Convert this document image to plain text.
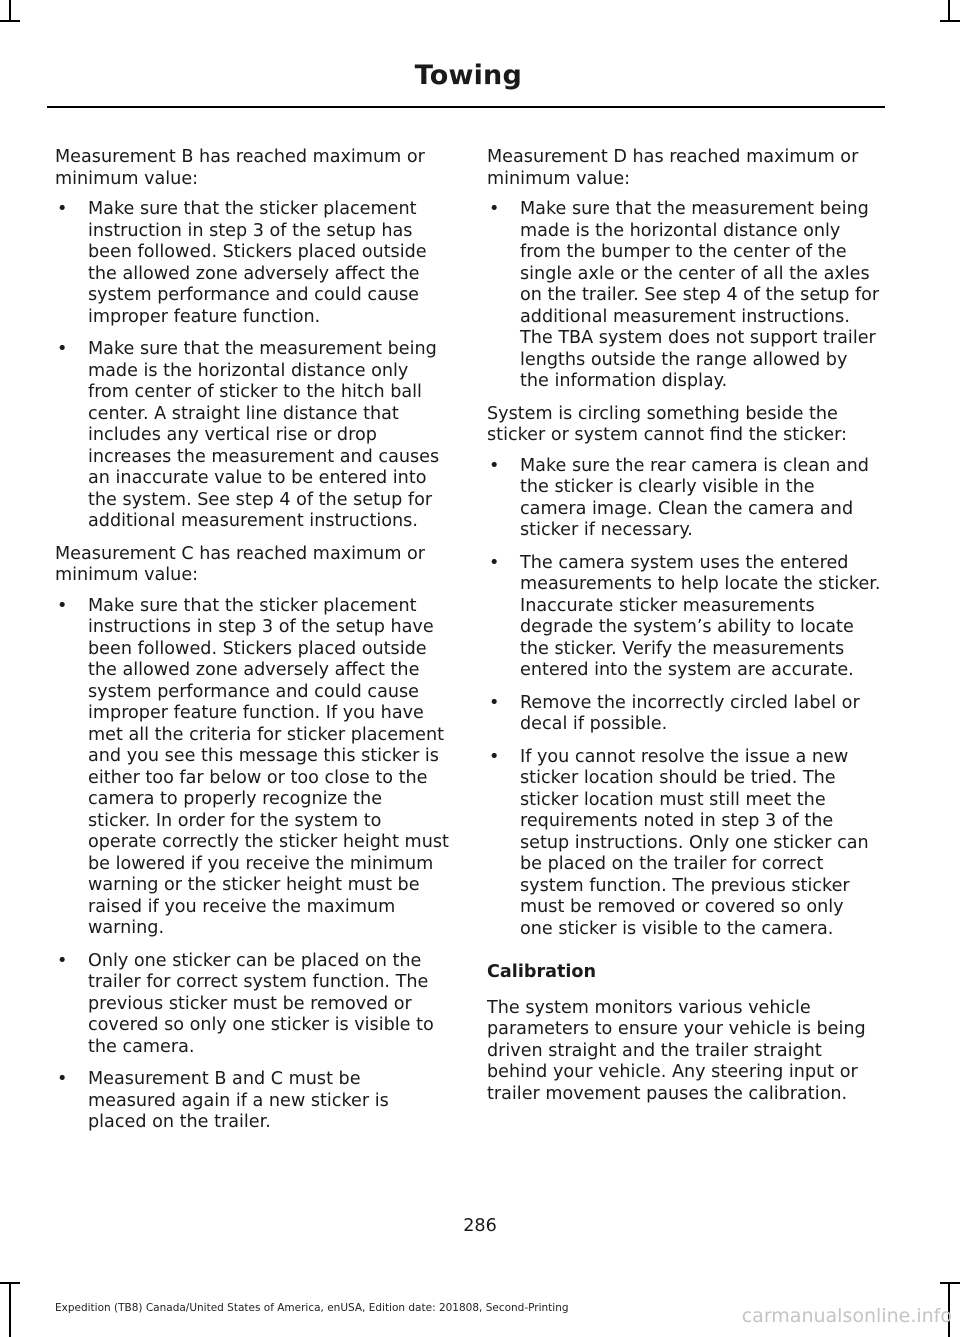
Towing

Measurement B has reached maximum or minimum value:

• Make sure that the sticker placement instruction in step 3 of the setup has been followed. Stickers placed outside the allowed zone adversely affect the system performance and could cause improper feature function.
• Make sure that the measurement being made is the horizontal distance only from center of sticker to the hitch ball center. A straight line distance that includes any vertical rise or drop increases the measurement and causes an inaccurate value to be entered into the system. See step 4 of the setup for additional measurement instructions.

Measurement C has reached maximum or minimum value:

• Make sure that the sticker placement instructions in step 3 of the setup have been followed. Stickers placed outside the allowed zone adversely affect the system performance and could cause improper feature function. If you have met all the criteria for sticker placement and you see this message this sticker is either too far below or too close to the camera to properly recognize the sticker. In order for the system to operate correctly the sticker height must be lowered if you receive the minimum warning or the sticker height must be raised if you receive the maximum warning.
• Only one sticker can be placed on the trailer for correct system function. The previous sticker must be removed or covered so only one sticker is visible to the camera.
• Measurement B and C must be measured again if a new sticker is placed on the trailer.

Measurement D has reached maximum or minimum value:

• Make sure that the measurement being made is the horizontal distance only from the bumper to the center of the single axle or the center of all the axles on the trailer. See step 4 of the setup for additional measurement instructions. The TBA system does not support trailer lengths outside the range allowed by the information display.

System is circling something beside the sticker or system cannot find the sticker:

• Make sure the rear camera is clean and the sticker is clearly visible in the camera image. Clean the camera and sticker if necessary.
• The camera system uses the entered measurements to help locate the sticker. Inaccurate sticker measurements degrade the system’s ability to locate the sticker. Verify the measurements entered into the system are accurate.
• Remove the incorrectly circled label or decal if possible.
• If you cannot resolve the issue a new sticker location should be tried. The sticker location must still meet the requirements noted in step 3 of the setup instructions. Only one sticker can be placed on the trailer for correct system function. The previous sticker must be removed or covered so only one sticker is visible to the camera.
Calibration

The system monitors various vehicle parameters to ensure your vehicle is being driven straight and the trailer straight behind your vehicle. Any steering input or trailer movement pauses the calibration.

286
Expedition (TB8) Canada/United States of America, enUSA, Edition date: 201808, Second-Printing	carmanualsonline.info
